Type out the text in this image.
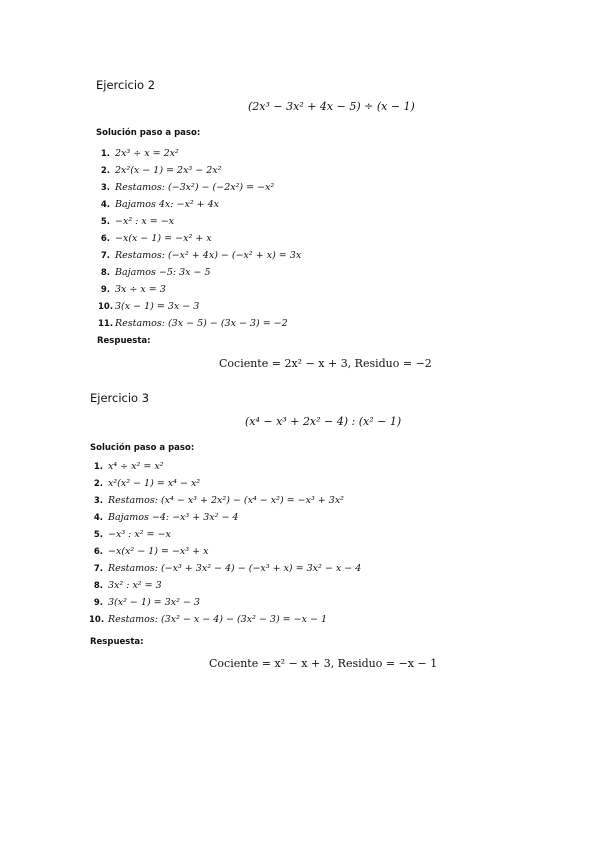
Ejercicio 2
(2x³ − 3x² + 4x − 5) ÷ (x − 1)
Solución paso a paso:
1. 2x³ ÷ x = 2x²
2. 2x²(x − 1) = 2x³ − 2x²
3. Restamos: (−3x²) − (−2x²) = −x²
4. Bajamos 4x: −x² + 4x
5. −x² : x = −x
6. −x(x − 1) = −x² + x
7. Restamos: (−x² + 4x) − (−x² + x) = 3x
8. Bajamos −5: 3x − 5
9. 3x ÷ x = 3
10. 3(x − 1) = 3x − 3
11. Restamos: (3x − 5) − (3x − 3) = −2
Respuesta:
Cociente = 2x² − x + 3, Residuo = −2
Ejercicio 3
(x⁴ − x³ + 2x² − 4) : (x² − 1)
Solución paso a paso:
1. x⁴ ÷ x² = x²
2. x²(x² − 1) = x⁴ − x²
3. Restamos: (x⁴ − x³ + 2x²) − (x⁴ − x²) = −x³ + 3x²
4. Bajamos −4: −x³ + 3x² − 4
5. −x³ : x² = −x
6. −x(x² − 1) = −x³ + x
7. Restamos: (−x³ + 3x² − 4) − (−x³ + x) = 3x² − x − 4
8. 3x² : x² = 3
9. 3(x² − 1) = 3x² − 3
10. Restamos: (3x² − x − 4) − (3x² − 3) = −x − 1
Respuesta:
Cociente = x² − x + 3, Residuo = −x − 1
